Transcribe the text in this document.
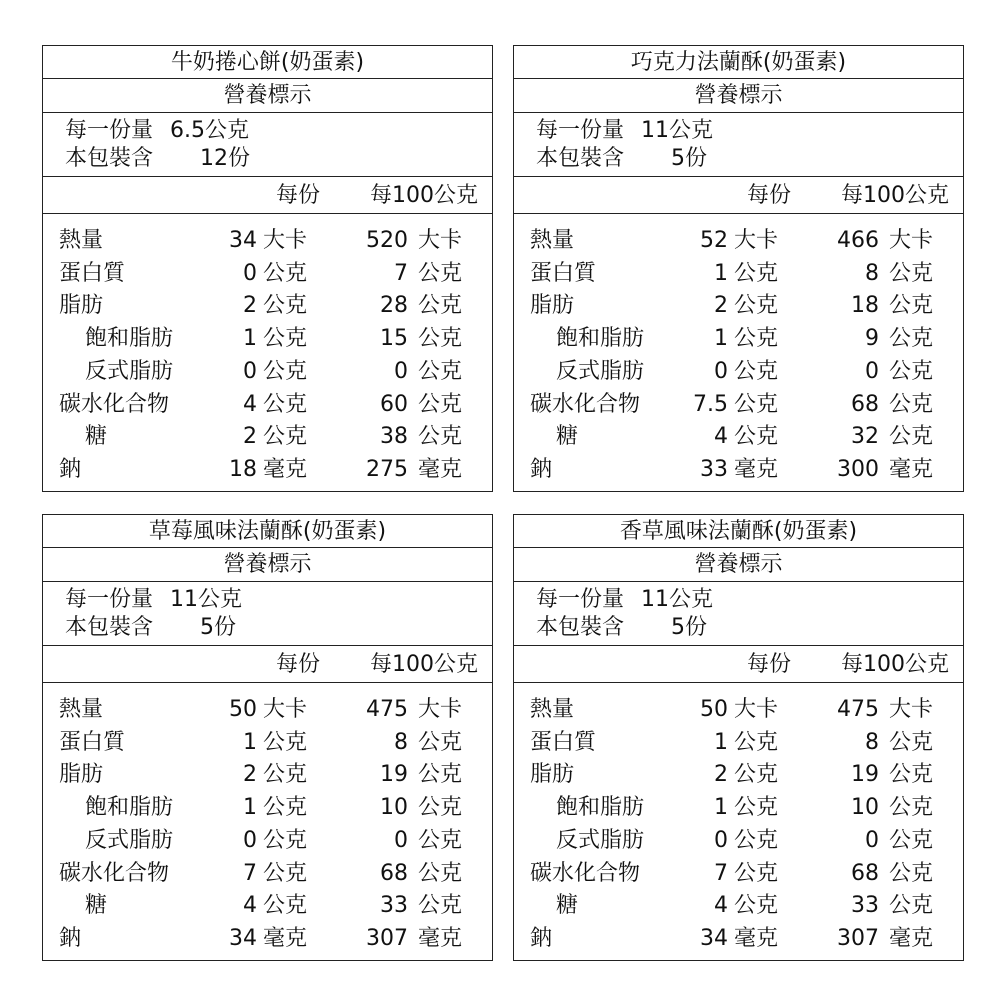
牛奶捲心餅(奶蛋素)
營養標示
每一份量 6.5公克
本包裝含 12份
每份 每100公克
熱量	34 大卡	520 大卡
蛋白質	0 公克	7 公克
脂肪	2 公克	28 公克
飽和脂肪	1 公克	15 公克
反式脂肪	0 公克	0 公克
碳水化合物	4 公克	60 公克
糖	2 公克	38 公克
鈉	18 毫克	275 毫克
巧克力法蘭酥(奶蛋素)
營養標示
每一份量 11公克
本包裝含 5份
每份 每100公克
熱量	52 大卡	466 大卡
蛋白質	1 公克	8 公克
脂肪	2 公克	18 公克
飽和脂肪	1 公克	9 公克
反式脂肪	0 公克	0 公克
碳水化合物 7.5 公克	68 公克
糖	4 公克	32 公克
鈉	33 毫克	300 毫克
草莓風味法蘭酥(奶蛋素)
營養標示
每一份量 11公克
本包裝含 5份
每份 每100公克
熱量	50 大卡	475 大卡
蛋白質	1 公克	8 公克
脂肪	2 公克	19 公克
飽和脂肪	1 公克	10 公克
反式脂肪	0 公克	0 公克
碳水化合物	7 公克	68 公克
糖	4 公克	33 公克
鈉	34 毫克	307 毫克
香草風味法蘭酥(奶蛋素)
營養標示
每一份量 11公克
本包裝含 5份
每份 每100公克
熱量	50 大卡	475 大卡
蛋白質	1 公克	8 公克
脂肪	2 公克	19 公克
飽和脂肪	1 公克	10 公克
反式脂肪	0 公克	0 公克
碳水化合物	7 公克	68 公克
糖	4 公克	33 公克
鈉	34 毫克	307 毫克
